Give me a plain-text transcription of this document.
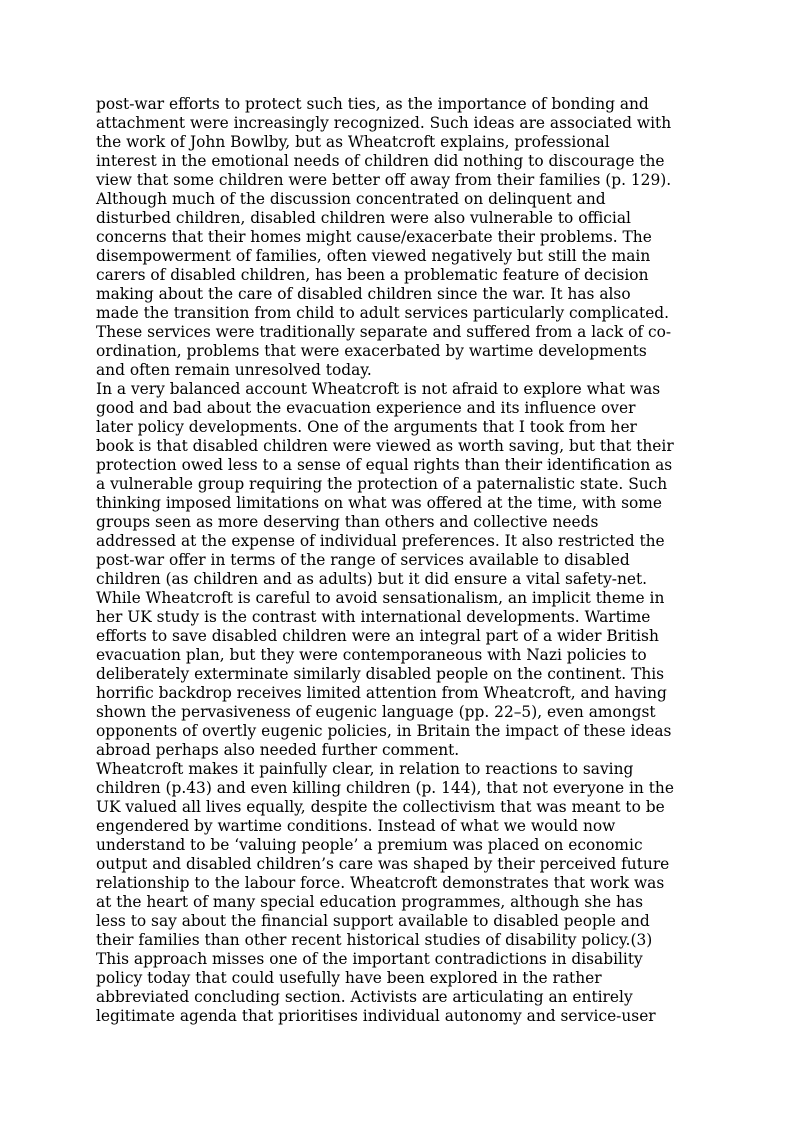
post-war efforts to protect such ties, as the importance of bonding and
attachment were increasingly recognized. Such ideas are associated with
the work of John Bowlby, but as Wheatcroft explains, professional
interest in the emotional needs of children did nothing to discourage the
view that some children were better off away from their families (p. 129).
Although much of the discussion concentrated on delinquent and
disturbed children, disabled children were also vulnerable to official
concerns that their homes might cause/exacerbate their problems. The
disempowerment of families, often viewed negatively but still the main
carers of disabled children, has been a problematic feature of decision
making about the care of disabled children since the war. It has also
made the transition from child to adult services particularly complicated.
These services were traditionally separate and suffered from a lack of co-
ordination, problems that were exacerbated by wartime developments
and often remain unresolved today.
In a very balanced account Wheatcroft is not afraid to explore what was
good and bad about the evacuation experience and its influence over
later policy developments. One of the arguments that I took from her
book is that disabled children were viewed as worth saving, but that their
protection owed less to a sense of equal rights than their identification as
a vulnerable group requiring the protection of a paternalistic state. Such
thinking imposed limitations on what was offered at the time, with some
groups seen as more deserving than others and collective needs
addressed at the expense of individual preferences. It also restricted the
post-war offer in terms of the range of services available to disabled
children (as children and as adults) but it did ensure a vital safety-net.
While Wheatcroft is careful to avoid sensationalism, an implicit theme in
her UK study is the contrast with international developments. Wartime
efforts to save disabled children were an integral part of a wider British
evacuation plan, but they were contemporaneous with Nazi policies to
deliberately exterminate similarly disabled people on the continent. This
horrific backdrop receives limited attention from Wheatcroft, and having
shown the pervasiveness of eugenic language (pp. 22–5), even amongst
opponents of overtly eugenic policies, in Britain the impact of these ideas
abroad perhaps also needed further comment.
Wheatcroft makes it painfully clear, in relation to reactions to saving
children (p.43) and even killing children (p. 144), that not everyone in the
UK valued all lives equally, despite the collectivism that was meant to be
engendered by wartime conditions. Instead of what we would now
understand to be ‘valuing people’ a premium was placed on economic
output and disabled children’s care was shaped by their perceived future
relationship to the labour force. Wheatcroft demonstrates that work was
at the heart of many special education programmes, although she has
less to say about the financial support available to disabled people and
their families than other recent historical studies of disability policy.(3)
This approach misses one of the important contradictions in disability
policy today that could usefully have been explored in the rather
abbreviated concluding section. Activists are articulating an entirely
legitimate agenda that prioritises individual autonomy and service-user
